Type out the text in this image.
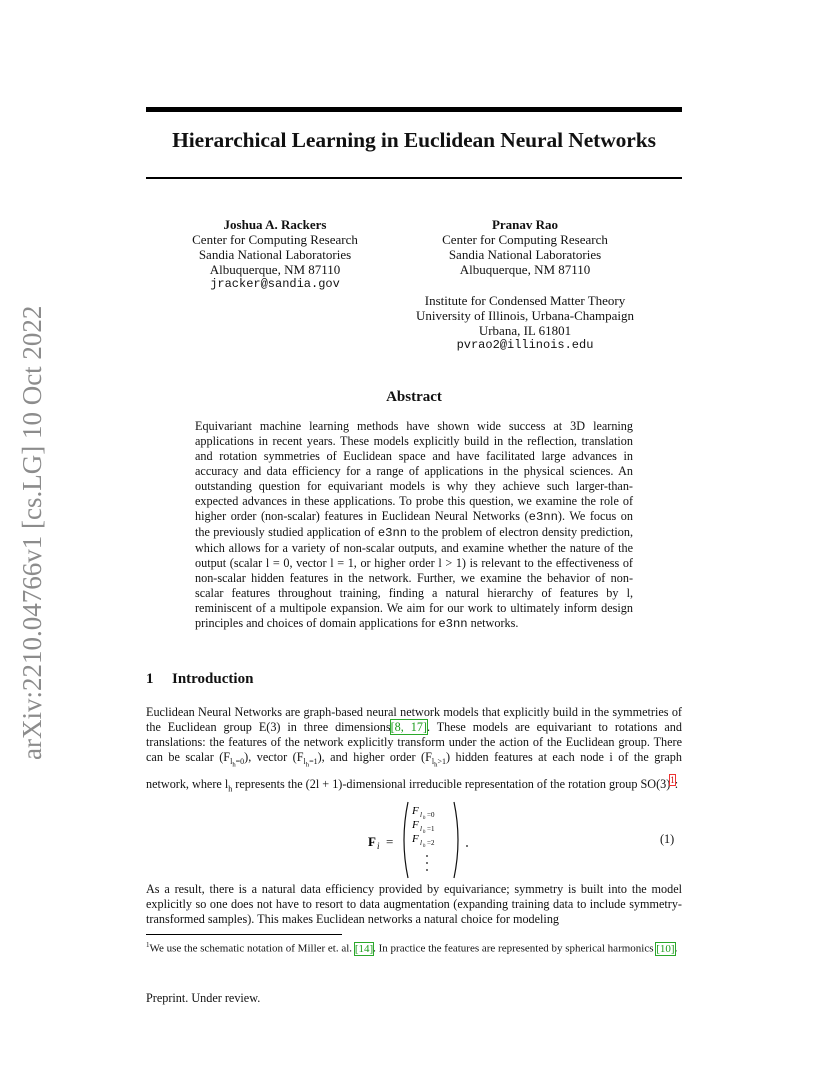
Hierarchical Learning in Euclidean Neural Networks
arXiv:2210.04766v1 [cs.LG] 10 Oct 2022
Joshua A. Rackers
Center for Computing Research
Sandia National Laboratories
Albuquerque, NM 87110
jracker@sandia.gov
Pranav Rao
Center for Computing Research
Sandia National Laboratories
Albuquerque, NM 87110
Institute for Condensed Matter Theory
University of Illinois, Urbana-Champaign
Urbana, IL 61801
pvrao2@illinois.edu
Abstract
Equivariant machine learning methods have shown wide success at 3D learning applications in recent years. These models explicitly build in the reflection, translation and rotation symmetries of Euclidean space and have facilitated large advances in accuracy and data efficiency for a range of applications in the physical sciences. An outstanding question for equivariant models is why they achieve such larger-than-expected advances in these applications. To probe this question, we examine the role of higher order (non-scalar) features in Euclidean Neural Networks (e3nn). We focus on the previously studied application of e3nn to the problem of electron density prediction, which allows for a variety of non-scalar outputs, and examine whether the nature of the output (scalar l = 0, vector l = 1, or higher order l > 1) is relevant to the effectiveness of non-scalar hidden features in the network. Further, we examine the behavior of non-scalar features throughout training, finding a natural hierarchy of features by l, reminiscent of a multipole expansion. We aim for our work to ultimately inform design principles and choices of domain applications for e3nn networks.
1 Introduction
Euclidean Neural Networks are graph-based neural network models that explicitly build in the symmetries of the Euclidean group E(3) in three dimensions[8, 17]. These models are equivariant to rotations and translations: the features of the network explicitly transform under the action of the Euclidean group. There can be scalar $(F_{l_h=0})$, vector $(F_{l_h=1})$, and higher order $(F_{l_h>1})$ hidden features at each node i of the graph network, where $l_h$ represents the (2l + 1)-dimensional irreducible representation of the rotation group SO(3)$^1$:
F i =
F l h =0
F l h =1
F l h =2	(1)
As a result, there is a natural data efficiency provided by equivariance; symmetry is built into the model explicitly so one does not have to resort to data augmentation (expanding training data to include symmetry-transformed samples). This makes Euclidean networks a natural choice for modeling
$^1$We use the schematic notation of Miller et. al. [14]. In practice the features are represented by spherical harmonics [10].
Preprint. Under review.
